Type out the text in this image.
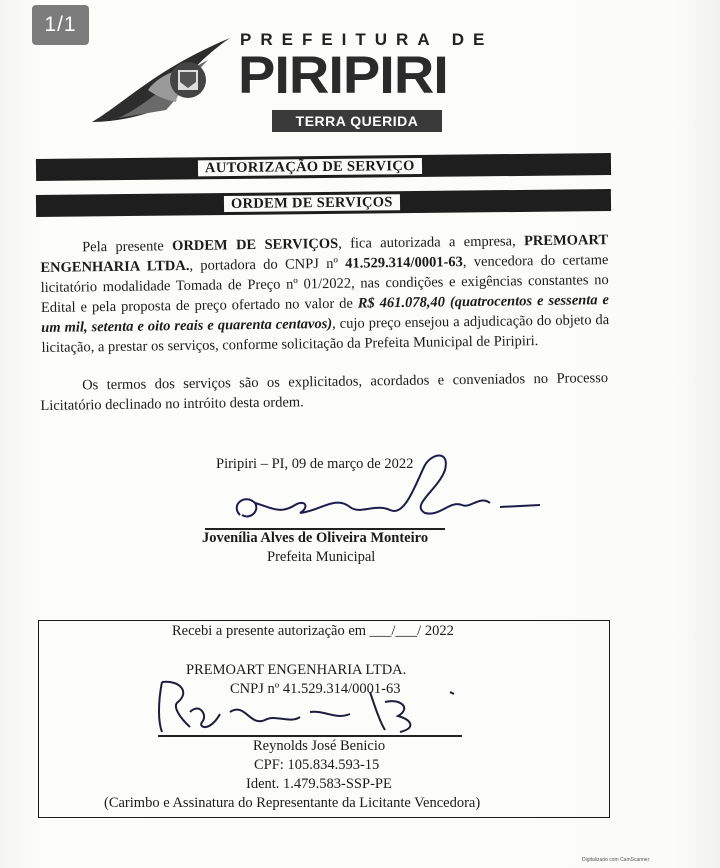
1/1
PREFEITURA DE
PIRIPIRI
TERRA QUERIDA
AUTORIZAÇÃO DE SERVIÇO
ORDEM DE SERVIÇOS

Pela presente ORDEM DE SERVIÇOS, fica autorizada a empresa, PREMOART ENGENHARIA LTDA., portadora do CNPJ nº 41.529.314/0001-63, vencedora do certame licitatório modalidade Tomada de Preço nº 01/2022, nas condições e exigências constantes no Edital e pela proposta de preço ofertado no valor de R$ 461.078,40 (quatrocentos e sessenta e um mil, setenta e oito reais e quarenta centavos), cujo preço ensejou a adjudicação do objeto da licitação, a prestar os serviços, conforme solicitação da Prefeita Municipal de Piripiri.

Os termos dos serviços são os explicitados, acordados e conveniados no Processo Licitatório declinado no intróito desta ordem.

Piripiri – PI, 09 de março de 2022
Jovenília Alves de Oliveira Monteiro
Prefeita Municipal
Recebi a presente autorização em ___/___/ 2022
PREMOART ENGENHARIA LTDA.
CNPJ nº 41.529.314/0001-63
Reynolds José Benicio
CPF: 105.834.593-15
Ident. 1.479.583-SSP-PE
(Carimbo e Assinatura do Representante da Licitante Vencedora)
Digitalizado com CamScanner
